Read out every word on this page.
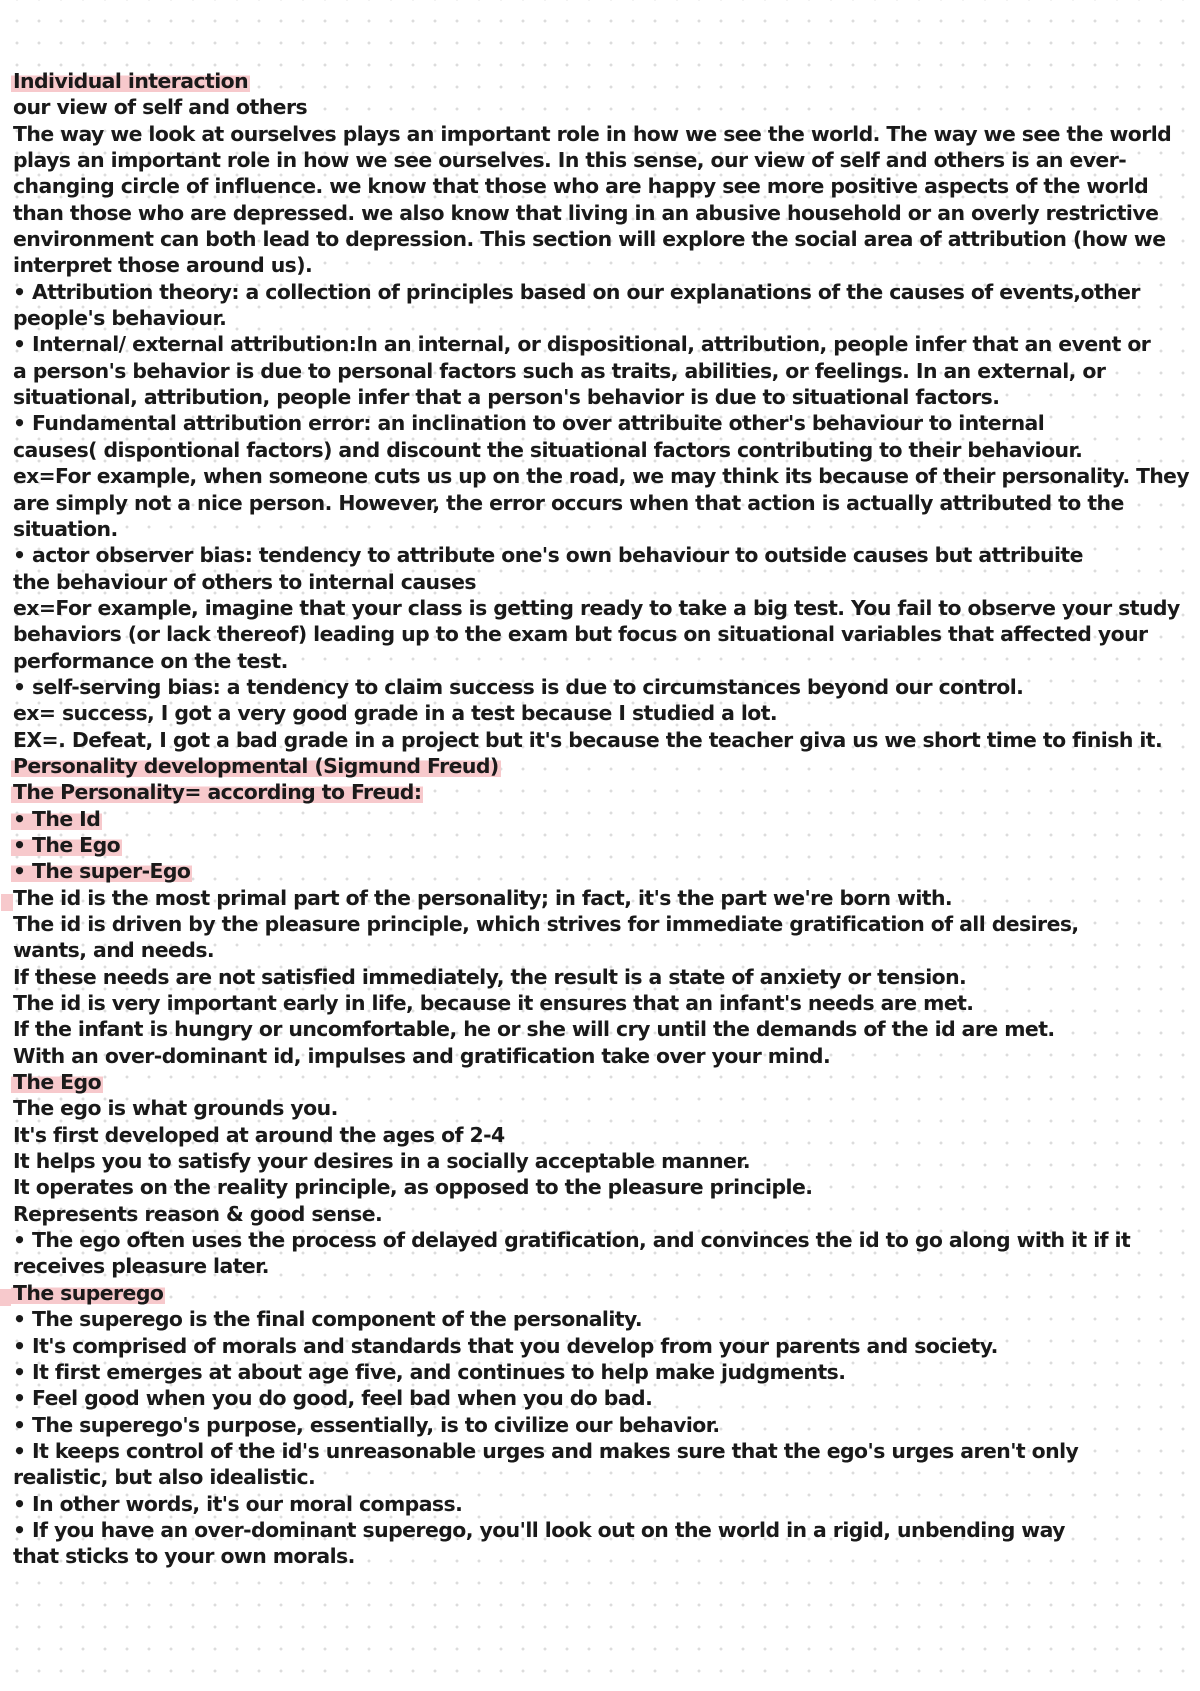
Individual interaction
our view of self and others
The way we look at ourselves plays an important role in how we see the world. The way we see the world
plays an important role in how we see ourselves. In this sense, our view of self and others is an ever-
changing circle of influence. we know that those who are happy see more positive aspects of the world
than those who are depressed. we also know that living in an abusive household or an overly restrictive
environment can both lead to depression. This section will explore the social area of attribution (how we
interpret those around us).
• Attribution theory: a collection of principles based on our explanations of the causes of events,other
people's behaviour.
• Internal/ external attribution:In an internal, or dispositional, attribution, people infer that an event or
a person's behavior is due to personal factors such as traits, abilities, or feelings. In an external, or
situational, attribution, people infer that a person's behavior is due to situational factors.
• Fundamental attribution error: an inclination to over attribuite other's behaviour to internal
causes( dispontional factors) and discount the situational factors contributing to their behaviour.
ex=For example, when someone cuts us up on the road, we may think its because of their personality. They
are simply not a nice person. However, the error occurs when that action is actually attributed to the
situation.
• actor observer bias: tendency to attribute one's own behaviour to outside causes but attribuite
the behaviour of others to internal causes
ex=For example, imagine that your class is getting ready to take a big test. You fail to observe your study
behaviors (or lack thereof) leading up to the exam but focus on situational variables that affected your
performance on the test.
• self-serving bias: a tendency to claim success is due to circumstances beyond our control.
ex= success, I got a very good grade in a test because I studied a lot.
EX=. Defeat, I got a bad grade in a project but it's because the teacher giva us we short time to finish it.
Personality developmental (Sigmund Freud)
The Personality= according to Freud:
• The Id
• The Ego
• The super-Ego
The id is the most primal part of the personality; in fact, it's the part we're born with.
The id is driven by the pleasure principle, which strives for immediate gratification of all desires,
wants, and needs.
If these needs are not satisfied immediately, the result is a state of anxiety or tension.
The id is very important early in life, because it ensures that an infant's needs are met.
If the infant is hungry or uncomfortable, he or she will cry until the demands of the id are met.
With an over-dominant id, impulses and gratification take over your mind.
The Ego
The ego is what grounds you.
It's first developed at around the ages of 2-4
It helps you to satisfy your desires in a socially acceptable manner.
It operates on the reality principle, as opposed to the pleasure principle.
Represents reason & good sense.
• The ego often uses the process of delayed gratification, and convinces the id to go along with it if it
receives pleasure later.
The superego
• The superego is the final component of the personality.
• It's comprised of morals and standards that you develop from your parents and society.
• It first emerges at about age five, and continues to help make judgments.
• Feel good when you do good, feel bad when you do bad.
• The superego's purpose, essentially, is to civilize our behavior.
• It keeps control of the id's unreasonable urges and makes sure that the ego's urges aren't only
realistic, but also idealistic.
• In other words, it's our moral compass.
• If you have an over-dominant superego, you'll look out on the world in a rigid, unbending way
that sticks to your own morals.
